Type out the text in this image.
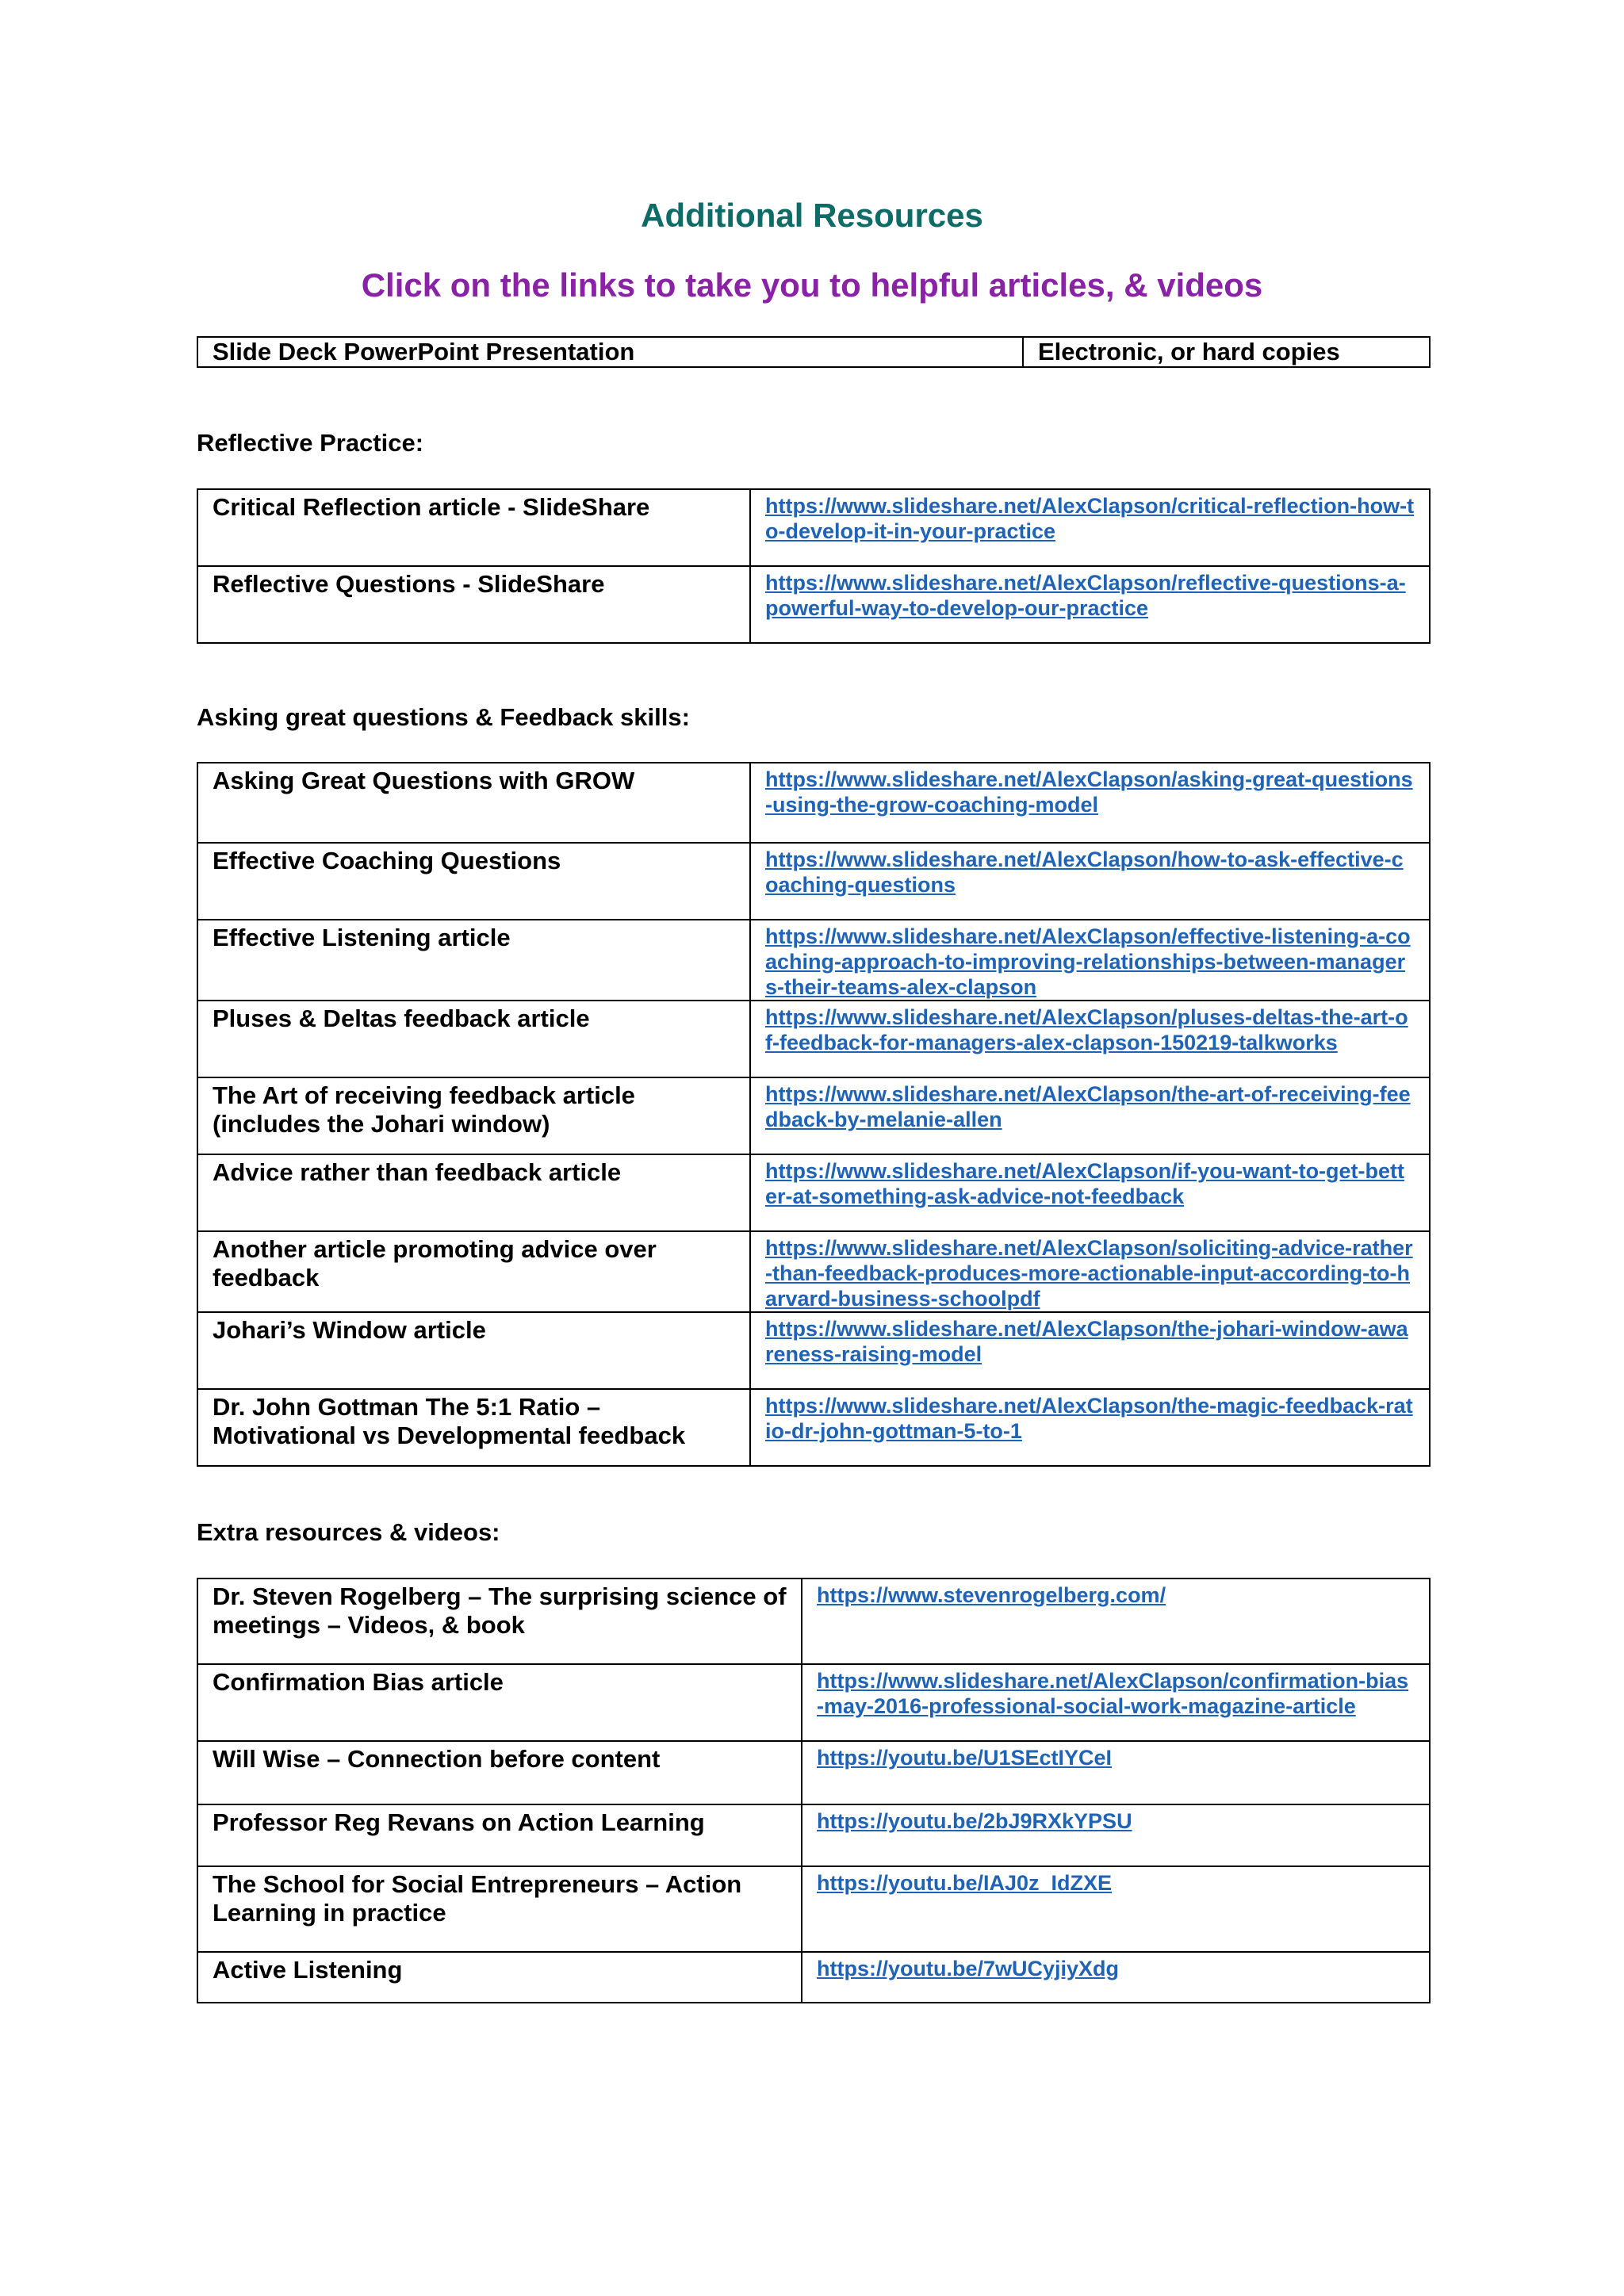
Additional Resources
Click on the links to take you to helpful articles, & videos
Slide Deck PowerPoint Presentation	Electronic, or hard copies
Reflective Practice:
Critical Reflection article - SlideShare	https://www.slideshare.net/AlexClapson/critical-reflection-how-to-develop-it-in-your-practice
Reflective Questions - SlideShare	https://www.slideshare.net/AlexClapson/reflective-questions-a-powerful-way-to-develop-our-practice
Asking great questions & Feedback skills:
Asking Great Questions with GROW	https://www.slideshare.net/AlexClapson/asking-great-questions-using-the-grow-coaching-model
Effective Coaching Questions	https://www.slideshare.net/AlexClapson/how-to-ask-effective-coaching-questions
Effective Listening article	https://www.slideshare.net/AlexClapson/effective-listening-a-coaching-approach-to-improving-relationships-between-managers-their-teams-alex-clapson
Pluses & Deltas feedback article	https://www.slideshare.net/AlexClapson/pluses-deltas-the-art-of-feedback-for-managers-alex-clapson-150219-talkworks
The Art of receiving feedback article (includes the Johari window)	https://www.slideshare.net/AlexClapson/the-art-of-receiving-feedback-by-melanie-allen
Advice rather than feedback article	https://www.slideshare.net/AlexClapson/if-you-want-to-get-better-at-something-ask-advice-not-feedback
Another article promoting advice over feedback	https://www.slideshare.net/AlexClapson/soliciting-advice-rather-than-feedback-produces-more-actionable-input-according-to-harvard-business-schoolpdf
Johari’s Window article	https://www.slideshare.net/AlexClapson/the-johari-window-awareness-raising-model
Dr. John Gottman The 5:1 Ratio – Motivational vs Developmental feedback	https://www.slideshare.net/AlexClapson/the-magic-feedback-ratio-dr-john-gottman-5-to-1
Extra resources & videos:
Dr. Steven Rogelberg – The surprising science of meetings – Videos, & book	https://www.stevenrogelberg.com/
Confirmation Bias article	https://www.slideshare.net/AlexClapson/confirmation-bias-may-2016-professional-social-work-magazine-article
Will Wise – Connection before content	https://youtu.be/U1SEctIYCeI
Professor Reg Revans on Action Learning	https://youtu.be/2bJ9RXkYPSU
The School for Social Entrepreneurs – Action Learning in practice	https://youtu.be/IAJ0z_IdZXE
Active Listening	https://youtu.be/7wUCyjiyXdg
